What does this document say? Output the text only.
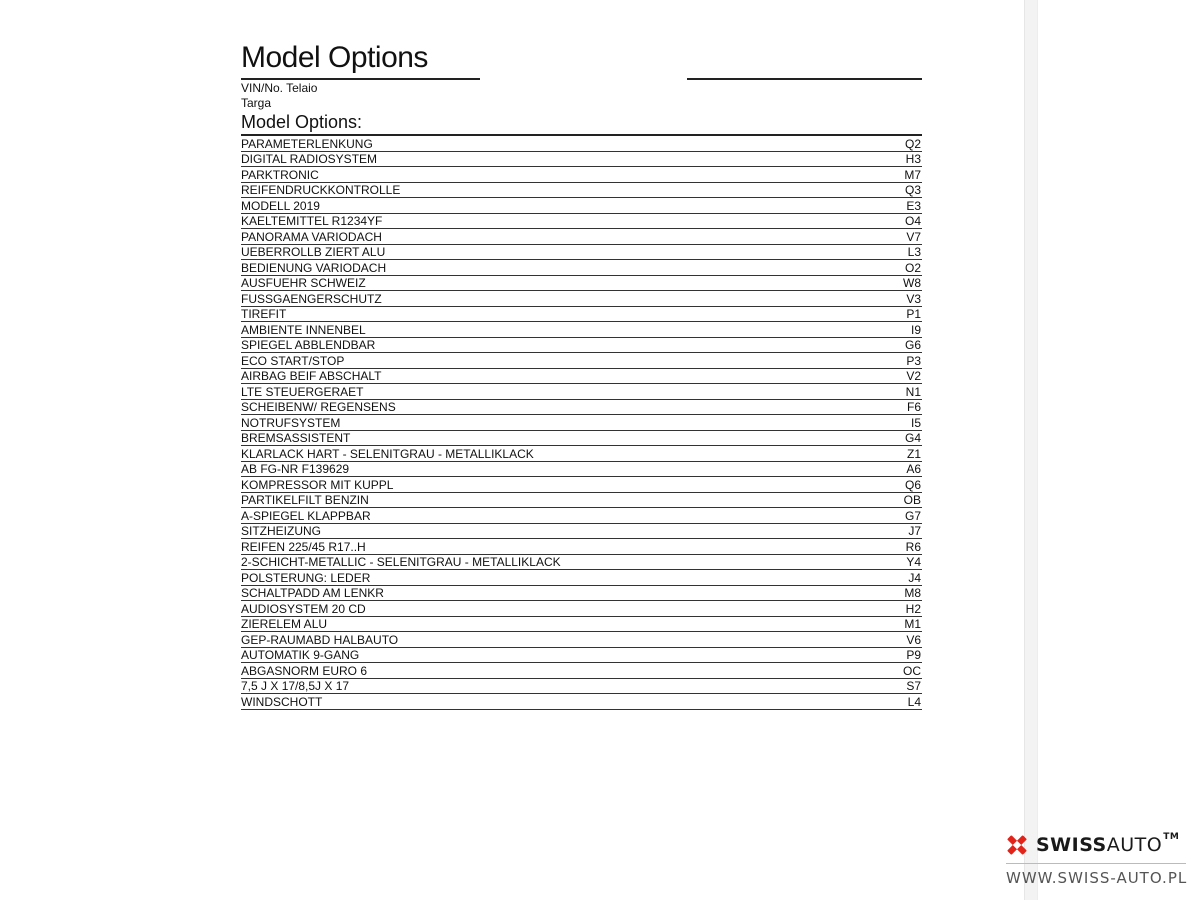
Model Options
VIN/No. Telaio
Targa
Model Options:
PARAMETERLENKUNG	Q2
DIGITAL RADIOSYSTEM	H3
PARKTRONIC	M7
REIFENDRUCKKONTROLLE	Q3
MODELL 2019	E3
KAELTEMITTEL R1234YF	O4
PANORAMA VARIODACH	V7
UEBERROLLB ZIERT ALU	L3
BEDIENUNG VARIODACH	O2
AUSFUEHR SCHWEIZ	W8
FUSSGAENGERSCHUTZ	V3
TIREFIT	P1
AMBIENTE INNENBEL	I9
SPIEGEL ABBLENDBAR	G6
ECO START/STOP	P3
AIRBAG BEIF ABSCHALT	V2
LTE STEUERGERAET	N1
SCHEIBENW/ REGENSENS	F6
NOTRUFSYSTEM	I5
BREMSASSISTENT	G4
KLARLACK HART - SELENITGRAU - METALLIKLACK	Z1
AB FG-NR F139629	A6
KOMPRESSOR MIT KUPPL	Q6
PARTIKELFILT BENZIN	OB
A-SPIEGEL KLAPPBAR	G7
SITZHEIZUNG	J7
REIFEN 225/45 R17..H	R6
2-SCHICHT-METALLIC - SELENITGRAU - METALLIKLACK	Y4
POLSTERUNG: LEDER	J4
SCHALTPADD AM LENKR	M8
AUDIOSYSTEM 20 CD	H2
ZIERELEM ALU	M1
GEP-RAUMABD HALBAUTO	V6
AUTOMATIK 9-GANG	P9
ABGASNORM EURO 6	OC
7,5 J X 17/8,5J X 17	S7
WINDSCHOTT	L4
SWISSAUTO™
WWW.SWISS-AUTO.PL
